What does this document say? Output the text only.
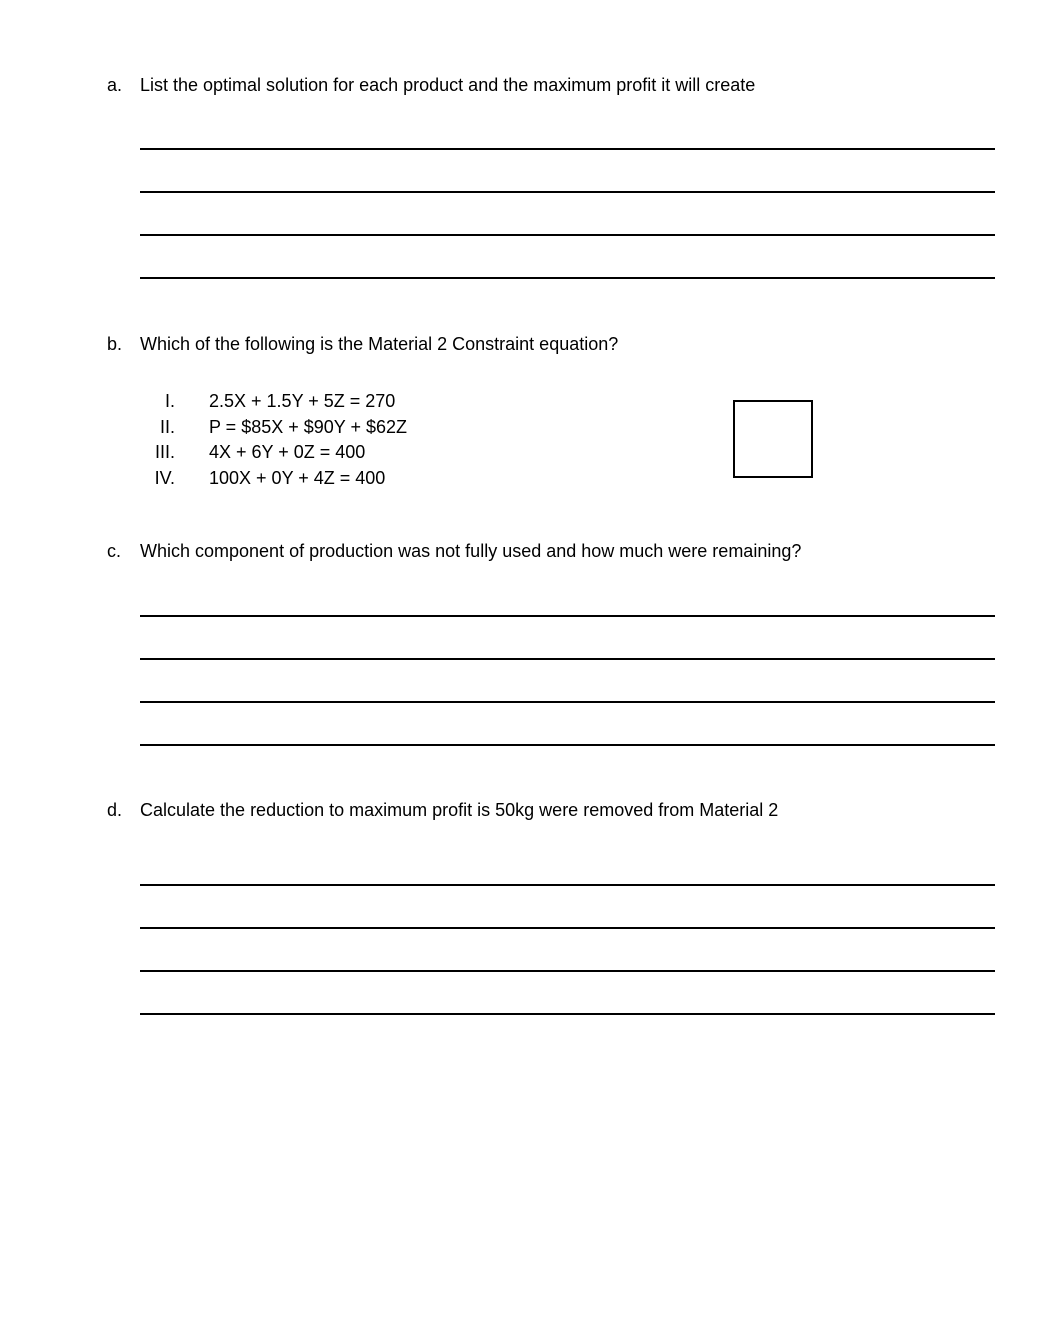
a. List the optimal solution for each product and the maximum profit it will create
b. Which of the following is the Material 2 Constraint equation?
I. 2.5X + 1.5Y + 5Z = 270
II. P = $85X + $90Y + $62Z
III. 4X + 6Y + 0Z = 400
IV. 100X + 0Y + 4Z = 400
c.	Which component of production was not fully used and how much were remaining?
d. Calculate the reduction to maximum profit is 50kg were removed from Material 2
